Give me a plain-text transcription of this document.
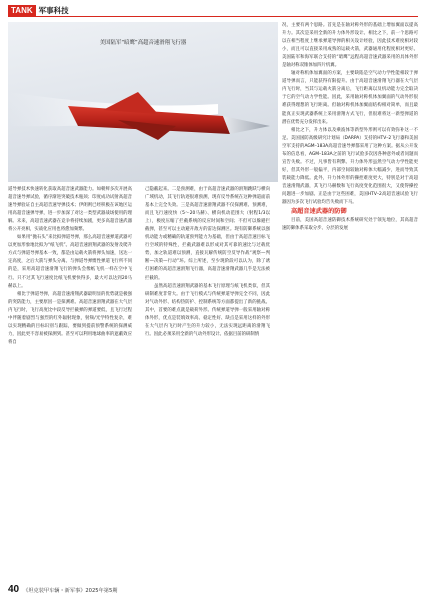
TANK 军事科技
美国陆军“暗鹰”高超音速滑翔飞行器

道导弹技术快速转化获取高超音速武器能力。如朝鲜多次开展高超音速导弹试验，循序渐进突破技术瓶颈；印度成功试射高超音速导弹验证自主高超音速导弹技术；伊朗则已经积极在该地区运用高超音速弹导弹，进一步加深了对这一类型武器战场使用的理解。未来，高超音速武器在竞争将持续加剧，更多高超音速武器将公开亮相，实战化应用也将愈加频繁。

如果用“抛石头”来比拟弹道导弹，那么高超音速弹道武器可以更加形象地比拟为“纸飞机”。高超音速滑翔武器的发射及爬升方式与弹道导弹基本一致，都是由运载火箭将弹头加速，送达一定高度，之后大箭与弹头分离。与弹道导弹惯性弹道飞行所不同的是，采用高超音速滑翔飞行的弹头会像纸飞机一样在空中飞行。只不过其飞行速度比纸飞机要快得多，最大可以达到20马赫以上。

相比于弹道导弹，高超音速滑翔武器最明显的优势就是极强的突防能力，主要原因一是探测难。高超音速滑翔武器在大气层内飞行时，飞行高度比中段反导拦截弹的弹道要低，且飞行过程中伴随着剧烈与强烈的红外辐射现象，射频/光学特性复杂，难以实现精确的目标识别与跟踪，要做到提前预警系统的探测威力，因此更不容易被探测到。甚至可以利用地球曲率的遮蔽效应将自

己隐蔽起来。二是预测难，由于高超音速武器的滑翔跳跃与横向广域机动，其飞行轨迹很难预测，现有反导系统在这种弹道面前基本上完全失效。三是高超音速滑翔武器不仅探测难、预测难，而且飞行速度快（5～20马赫）、横向机动范围大（射程1/3以上），极度压缩了拦截系统的反应时间和空间；不但可以躲避拦截弹，甚至可以主动避开敌方的雷达探测区。现有防御系统以强机动能力或精确的轨道预判能力为基础，但由于高超音速目标飞行空域的特殊性，拦截武器难以形成对其可靠的速比与过载优势，加之轨道难以预测，直接瓦解传统防空反导作战“观察—判断—决策—行动”环。综上所述，至少现阶段可以认为，除了诱打困难的高超音速滑翔飞行器，高超音速滑翔武器几乎是无法被拦截的。

虽然高超音速滑翔武器的基本飞行原理与纸飞机类似，但其研制难度非常大。由于飞行模式与传统弹道导弹完全不同，因此对气动外形、结构热防护、控制系统等方面都提出了新的挑战。其中，首要的难点就是载荷外形。传统弹道导弹一般采用轴对称体外形，优点是装填效率高、稳定性好、缺点是采用这样的外形在大气层内飞行时产生的升力较小，无法实现远距离的滑翔飞行。因此必须采用全新的气动外形设计。依据目前的研制情

况，主要有两个思路。首先是在轴对称外形的基础上增加翼面以提高升力。其次是采用全新的升力体外形设计。相比之下，前一个思路可以在相当程度上继承弹道导弹的相关设计经验，因此技术难度相对较小，而且可以直接采用成熟的运载火箭，武器通用化程度相对更好。美国陆军和海军联合支持的“暗鹰”远程高超音速武器采用的具体外形是轴对称双锥体加四片机翼。

轴对称机体加翼面的方案，主要缺陷是空气动力学性能相较于弹道导弹而言，只能获得有限提升。由于高超音速滑翔飞行器在大气层内飞行时，当其与运载火箭分离后，飞行距离以及机动能力完全取决于它的空气动力学性能。因此，采用轴对称机体加翼面的气动外形很难获得理想的飞行距离。但轴对称机体加翼面结构相对简单，而且最能真正实现武器系统上采用滑翔方式飞行，但很难将这一新型弹道的潜在优势充分发挥出来。

相比之下，升力体以及乘波体等新型外形则可以有效弥补这一不足。美国国防高级研究计划局（DARPA）支持的HTV–2飞行器和美国空军支持的AGM–183A高超音速导弹都采用了这种方案。据从公开发布的信息看，AGM–183A之前的飞行试验多次因各种意外或者问题而宣告失败。不过，凡事皆有利弊。升力体外形虽然空气动力学性能更好，但其外形一般偏平，内部空间较轴对称体大幅减少，进而导致其装载能力降低。此外，升力体外形的操控难度更大，特别是对于高超音速滑翔武器，其飞行马赫数和飞行高度变化范围很大，又使得操控问题进一步加剧。正是由于这些困难，美国HTV–2高超音速试验飞行器因为多次飞行试验均告失败而下马。

高超音速武器的防御

目前，美国高超音速防御技术系统研究处于领先地位，其高超音速防御体系采取分步、分层的发展

40 《坦克装甲车辆・新军事》2025年第5期
